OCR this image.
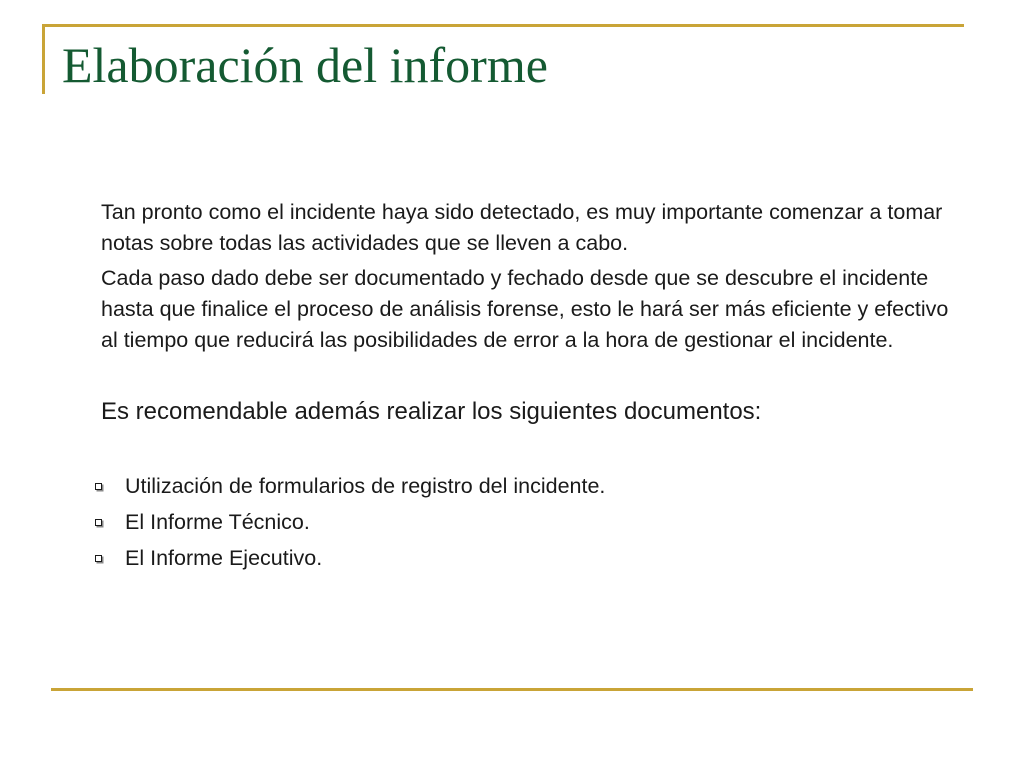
Elaboración del informe

Tan pronto como el incidente haya sido detectado, es muy importante comenzar a tomar notas sobre todas las actividades que se lleven a cabo.

Cada paso dado debe ser documentado y fechado desde que se descubre el incidente hasta que finalice el proceso de análisis forense, esto le hará ser más eficiente y efectivo al tiempo que reducirá las posibilidades de error a la hora de gestionar el incidente.

Es recomendable además realizar los siguientes documentos:

Utilización de formularios de registro del incidente.
El Informe Técnico.
El Informe Ejecutivo.
